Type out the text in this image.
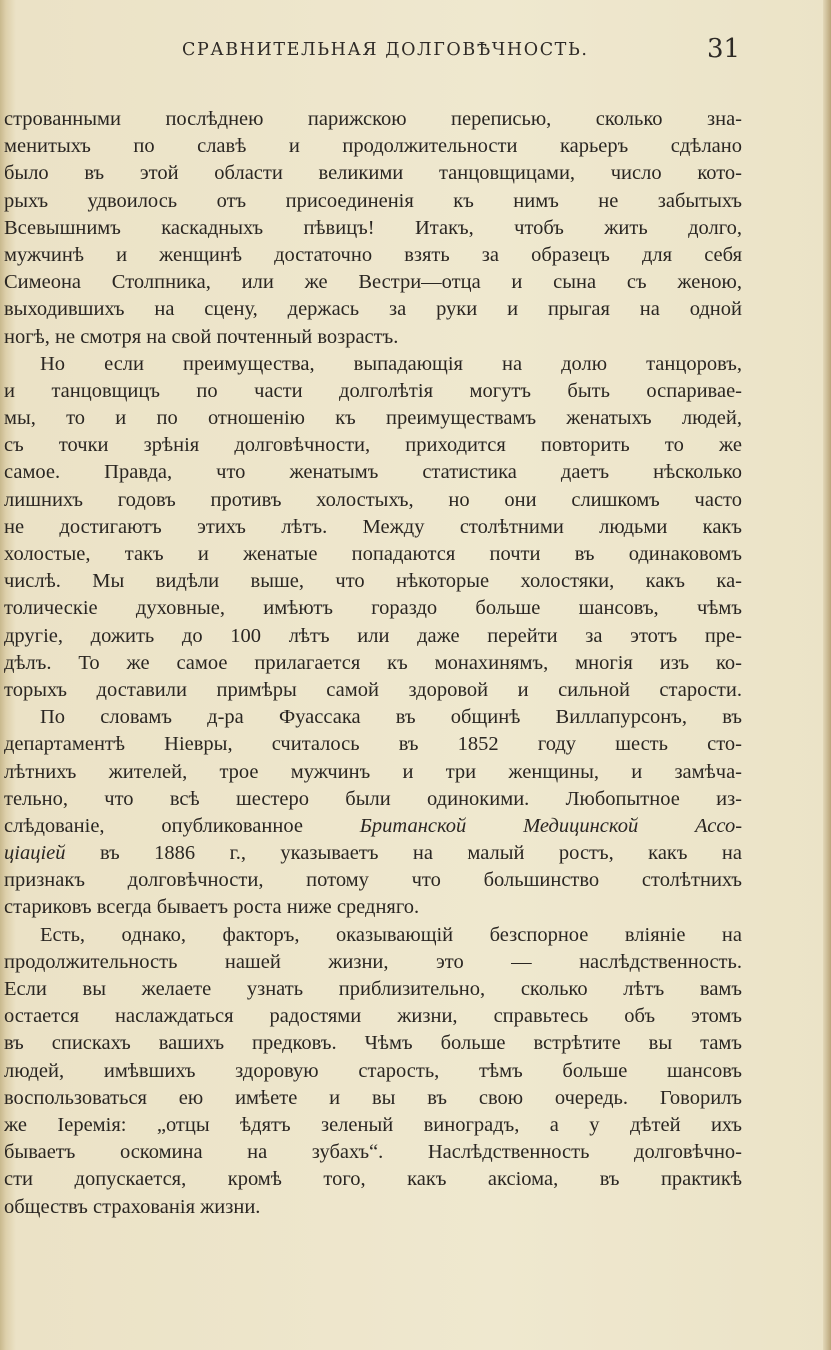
СРАВНИТЕЛЬНАЯ ДОЛГОВѢЧНОСТЬ.	31
строванными послѣднею парижскою переписью, сколько зна-
менитыхъ по славѣ и продолжительности карьеръ сдѣлано
было въ этой области великими танцовщицами, число кото-
рыхъ удвоилось отъ присоединенія къ нимъ не забытыхъ
Всевышнимъ каскадныхъ пѣвицъ! Итакъ, чтобъ жить долго,
мужчинѣ и женщинѣ достаточно взять за образецъ для себя
Симеона Столпника, или же Вестри—отца и сына съ женою,
выходившихъ на сцену, держась за руки и прыгая на одной
ногѣ, не смотря на свой почтенный возрастъ.
Но если преимущества, выпадающія на долю танцоровъ,
и танцовщицъ по части долголѣтія могутъ быть оспаривае-
мы, то и по отношенію къ преимуществамъ женатыхъ людей,
съ точки зрѣнія долговѣчности, приходится повторить то же
самое. Правда, что женатымъ статистика даетъ нѣсколько
лишнихъ годовъ противъ холостыхъ, но они слишкомъ часто
не достигаютъ этихъ лѣтъ. Между столѣтними людьми какъ
холостые, такъ и женатые попадаются почти въ одинаковомъ
числѣ. Мы видѣли выше, что нѣкоторые холостяки, какъ ка-
толическіе духовные, имѣютъ гораздо больше шансовъ, чѣмъ
другіе, дожить до 100 лѣтъ или даже перейти за этотъ пре-
дѣлъ. То же самое прилагается къ монахинямъ, многія изъ ко-
торыхъ доставили примѣры самой здоровой и сильной старости.
По словамъ д-ра Фуассака въ общинѣ Виллапурсонъ, въ
департаментѣ Ніевры, считалось въ 1852 году шесть сто-
лѣтнихъ жителей, трое мужчинъ и три женщины, и замѣча-
тельно, что всѣ шестеро были одинокими. Любопытное из-
слѣдованіе, опубликованное	Британской Медицинской Ассо-
ціаціей въ 1886 г., указываетъ на малый ростъ, какъ на
признакъ долговѣчности, потому что большинство столѣтнихъ
стариковъ всегда бываетъ роста ниже средняго.
Есть, однако, факторъ, оказывающій безспорное вліяніе на
продолжительность нашей жизни, это — наслѣдственность.
Если вы желаете узнать приблизительно, сколько лѣтъ вамъ
остается наслаждаться радостями жизни, справьтесь объ этомъ
въ спискахъ вашихъ предковъ. Чѣмъ больше встрѣтите вы тамъ
людей, имѣвшихъ здоровую старость, тѣмъ больше шансовъ
воспользоваться ею имѣете и вы въ свою очередь. Говорилъ
же Іеремія: „отцы ѣдятъ зеленый виноградъ, а у дѣтей ихъ
бываетъ оскомина на зубахъ“. Наслѣдственность долговѣчно-
сти допускается, кромѣ того, какъ аксіома, въ практикѣ
обществъ страхованія жизни.
